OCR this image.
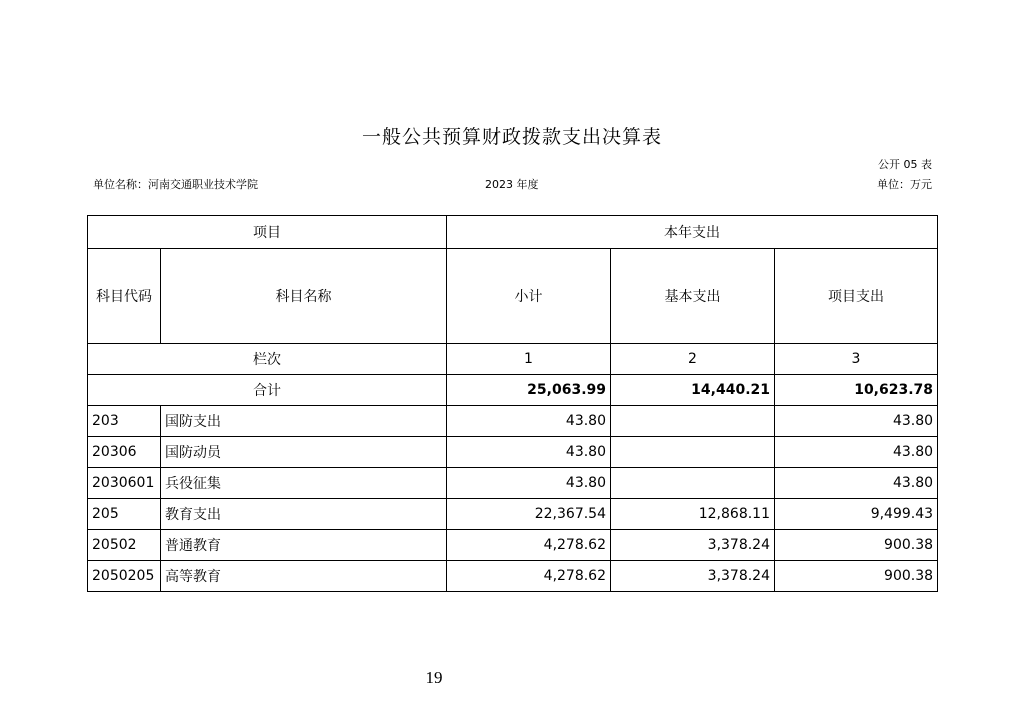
一般公共预算财政拨款支出决算表
公开 05 表
单位名称：河南交通职业技术学院	2023 年度	单位：万元
项目		本年支出		
科目代码	科目名称	小计	基本支出	项目支出
栏次		1	2	3
合计		25,063.99	14,440.21	10,623.78
203	国防支出	43.80		43.80
20306	国防动员	43.80		43.80
2030601	兵役征集	43.80		43.80
205	教育支出	22,367.54	12,868.11	9,499.43
20502	普通教育	4,278.62	3,378.24	900.38
2050205	高等教育	4,278.62	3,378.24	900.38
19
